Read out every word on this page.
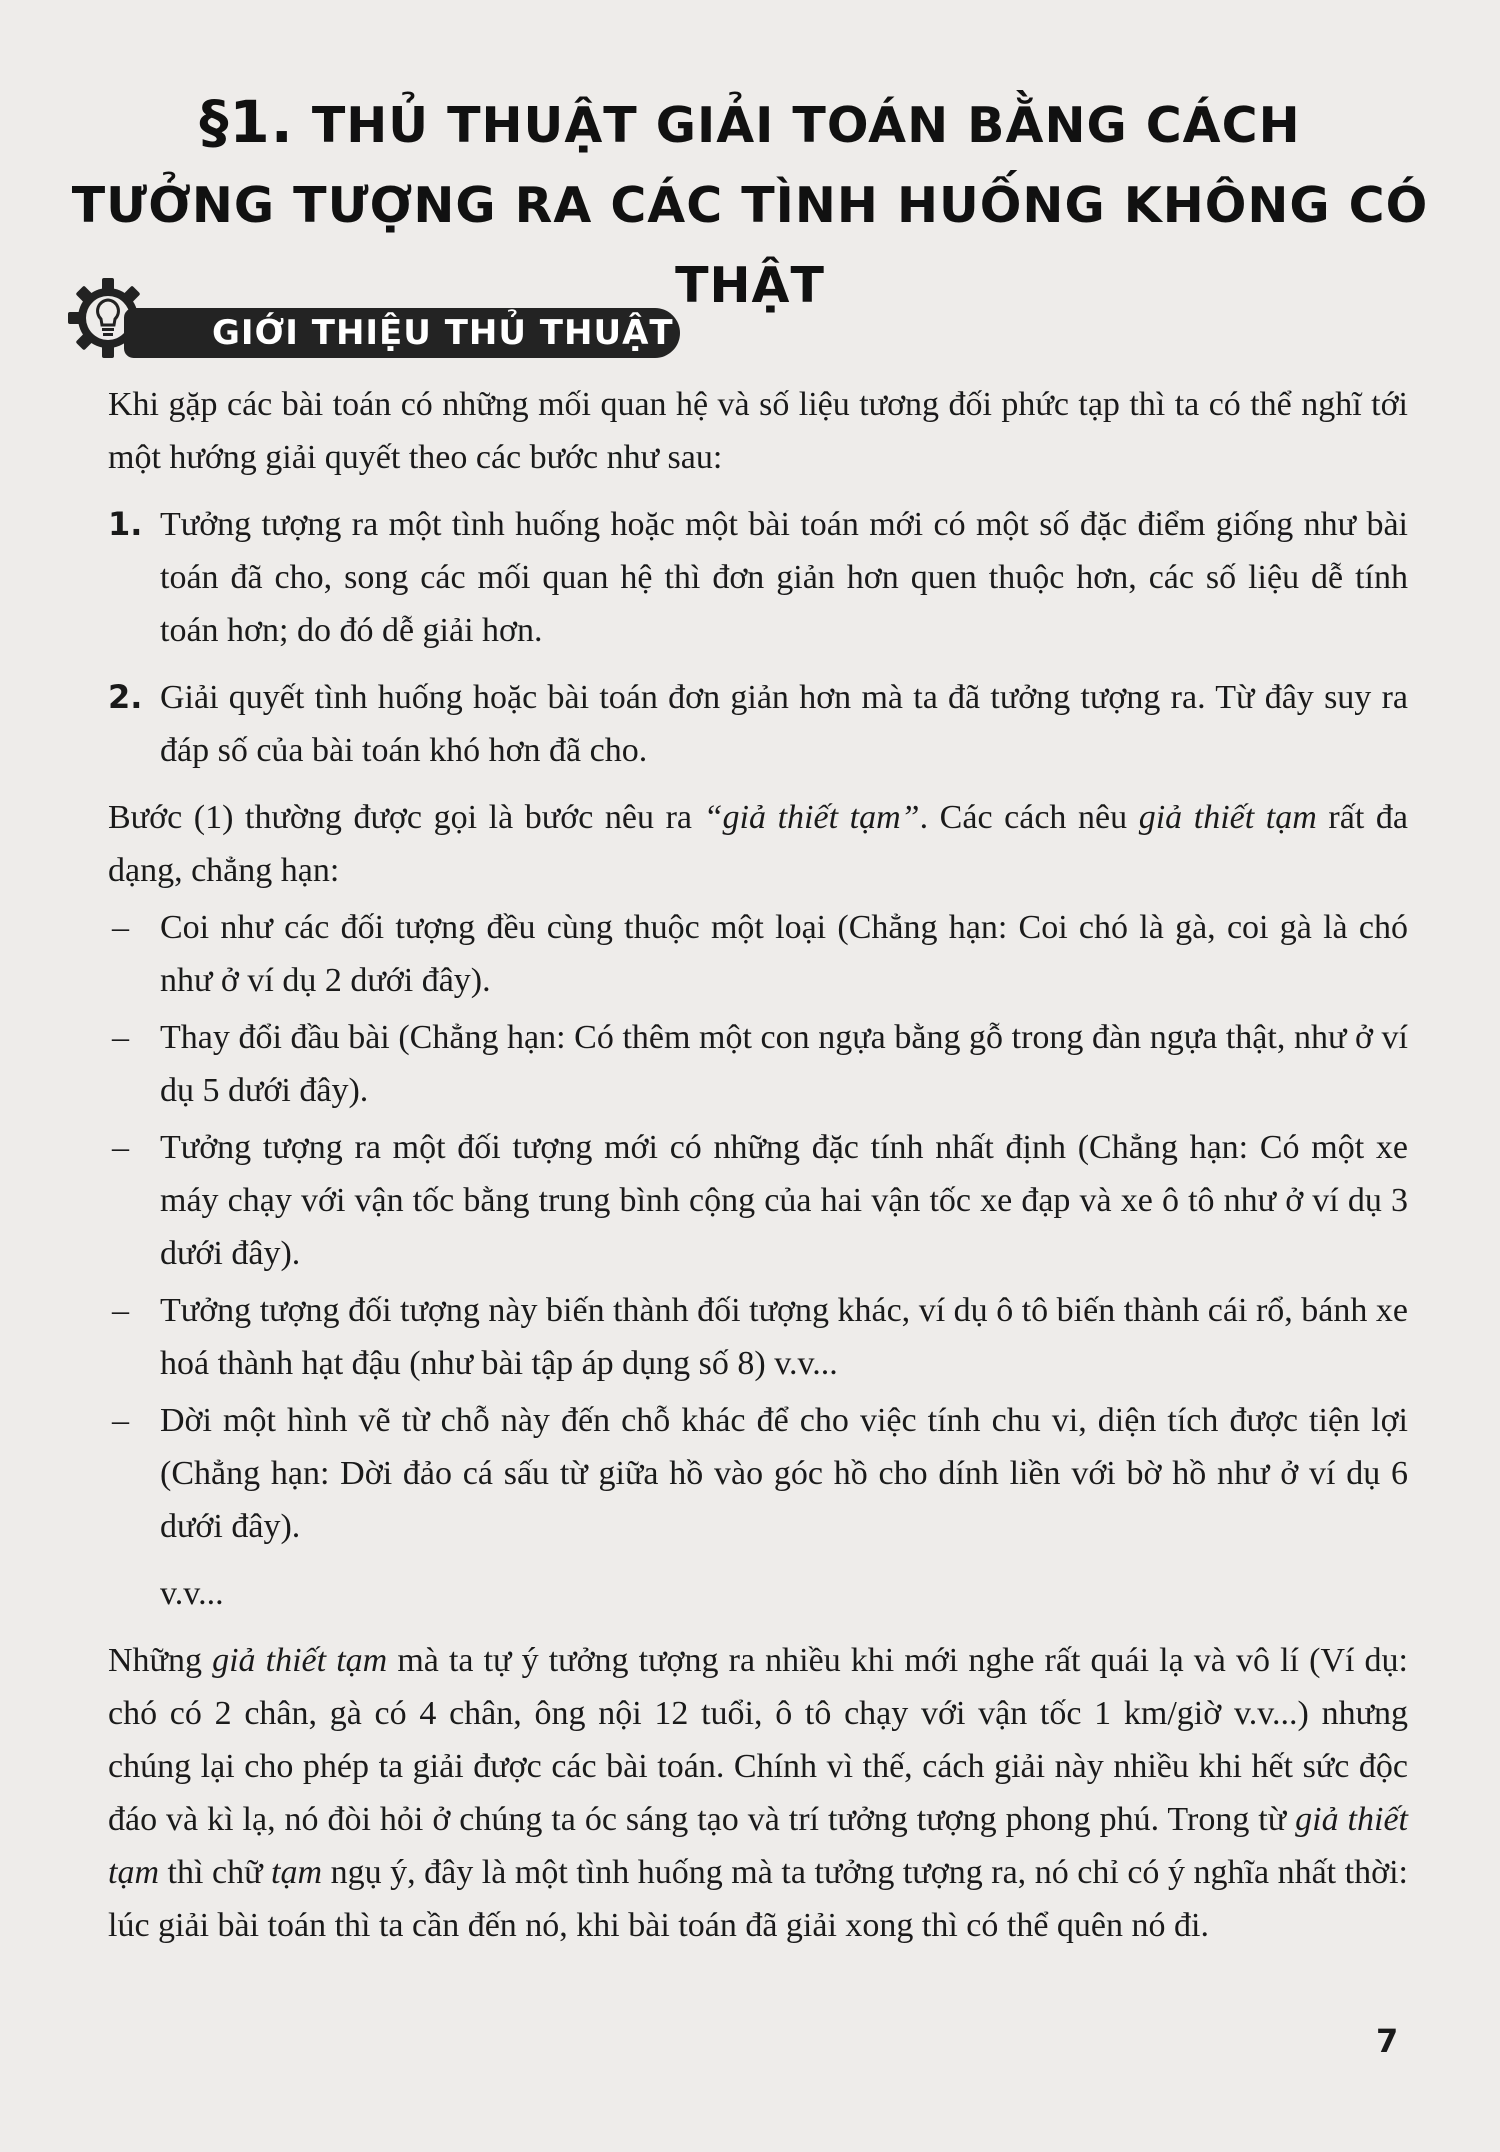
§1. THỦ THUẬT GIẢI TOÁN BẰNG CÁCH
TƯỞNG TƯỢNG RA CÁC TÌNH HUỐNG KHÔNG CÓ THẬT
GIỚI THIỆU THỦ THUẬT

Khi gặp các bài toán có những mối quan hệ và số liệu tương đối phức tạp thì ta có thể nghĩ tới một hướng giải quyết theo các bước như sau:

1. Tưởng tượng ra một tình huống hoặc một bài toán mới có một số đặc điểm giống như bài toán đã cho, song các mối quan hệ thì đơn giản hơn quen thuộc hơn, các số liệu dễ tính toán hơn; do đó dễ giải hơn.

2. Giải quyết tình huống hoặc bài toán đơn giản hơn mà ta đã tưởng tượng ra. Từ đây suy ra đáp số của bài toán khó hơn đã cho.

Bước (1) thường được gọi là bước nêu ra “giả thiết tạm”. Các cách nêu giả thiết tạm rất đa dạng, chẳng hạn:

– Coi như các đối tượng đều cùng thuộc một loại (Chẳng hạn: Coi chó là gà, coi gà là chó như ở ví dụ 2 dưới đây).

– Thay đổi đầu bài (Chẳng hạn: Có thêm một con ngựa bằng gỗ trong đàn ngựa thật, như ở ví dụ 5 dưới đây).

– Tưởng tượng ra một đối tượng mới có những đặc tính nhất định (Chẳng hạn: Có một xe máy chạy với vận tốc bằng trung bình cộng của hai vận tốc xe đạp và xe ô tô như ở ví dụ 3 dưới đây).

– Tưởng tượng đối tượng này biến thành đối tượng khác, ví dụ ô tô biến thành cái rổ, bánh xe hoá thành hạt đậu (như bài tập áp dụng số 8) v.v...

– Dời một hình vẽ từ chỗ này đến chỗ khác để cho việc tính chu vi, diện tích được tiện lợi (Chẳng hạn: Dời đảo cá sấu từ giữa hồ vào góc hồ cho dính liền với bờ hồ như ở ví dụ 6 dưới đây).

v.v...

Những giả thiết tạm mà ta tự ý tưởng tượng ra nhiều khi mới nghe rất quái lạ và vô lí (Ví dụ: chó có 2 chân, gà có 4 chân, ông nội 12 tuổi, ô tô chạy với vận tốc 1 km/giờ v.v...) nhưng chúng lại cho phép ta giải được các bài toán. Chính vì thế, cách giải này nhiều khi hết sức độc đáo và kì lạ, nó đòi hỏi ở chúng ta óc sáng tạo và trí tưởng tượng phong phú. Trong từ giả thiết tạm thì chữ tạm ngụ ý, đây là một tình huống mà ta tưởng tượng ra, nó chỉ có ý nghĩa nhất thời: lúc giải bài toán thì ta cần đến nó, khi bài toán đã giải xong thì có thể quên nó đi.

7
